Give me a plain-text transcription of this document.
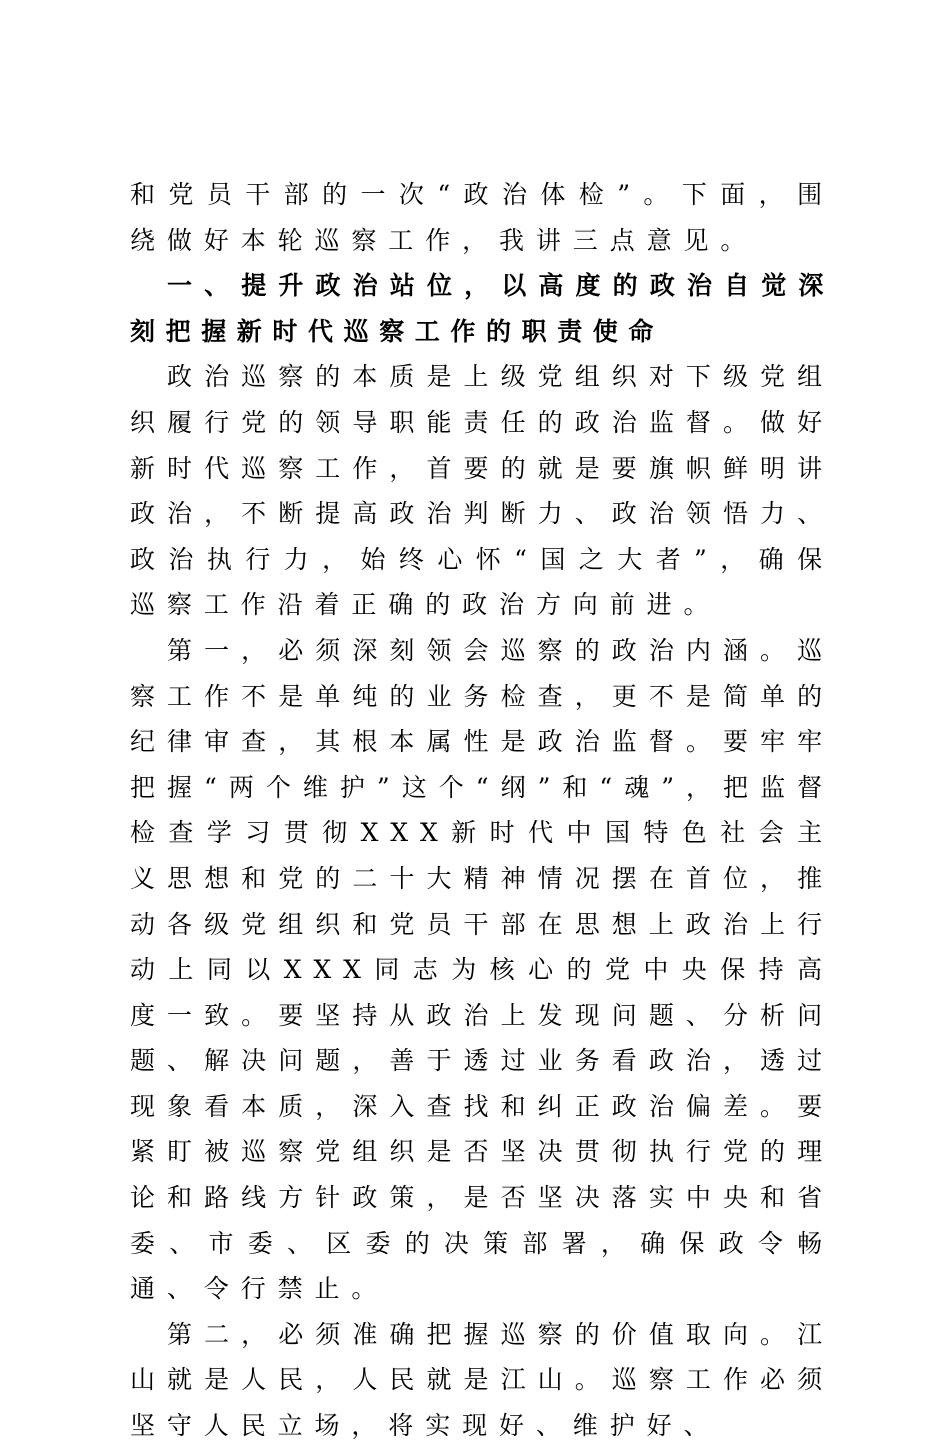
和党员干部的一次“政治体检”。下面，围绕做好本轮巡察工作，我讲三点意见。

一、提升政治站位，以高度的政治自觉深刻把握新时代巡察工作的职责使命

政治巡察的本质是上级党组织对下级党组织履行党的领导职能责任的政治监督。做好新时代巡察工作，首要的就是要旗帜鲜明讲政治，不断提高政治判断力、政治领悟力、政治执行力，始终心怀“国之大者”，确保巡察工作沿着正确的政治方向前进。

第一，必须深刻领会巡察的政治内涵。巡察工作不是单纯的业务检查，更不是简单的纪律审查，其根本属性是政治监督。要牢牢把握“两个维护”这个“纲”和“魂”，把监督检查学习贯彻XXX新时代中国特色社会主义思想和党的二十大精神情况摆在首位，推动各级党组织和党员干部在思想上政治上行动上同以XXX同志为核心的党中央保持高度一致。要坚持从政治上发现问题、分析问题、解决问题，善于透过业务看政治，透过现象看本质，深入查找和纠正政治偏差。要紧盯被巡察党组织是否坚决贯彻执行党的理论和路线方针政策，是否坚决落实中央和省委、市委、区委的决策部署，确保政令畅通、令行禁止。

第二，必须准确把握巡察的价值取向。江山就是人民，人民就是江山。巡察工作必须坚守人民立场，将实现好、维护好、
